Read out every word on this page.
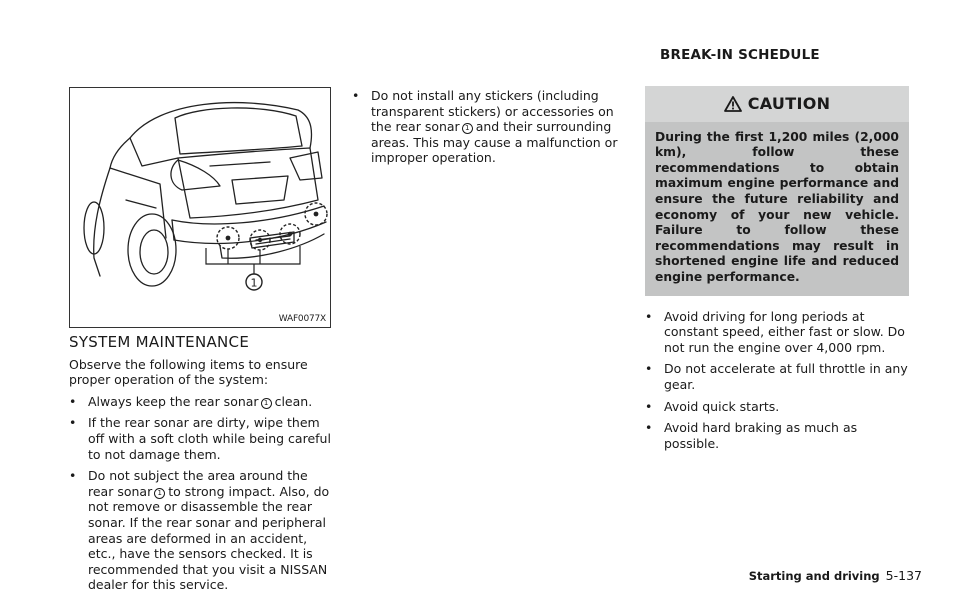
1
WAF0077X
SYSTEM MAINTENANCE

Observe the following items to ensure proper operation of the system:

• Always keep the rear sonar 1 clean.
• If the rear sonar are dirty, wipe them off with a soft cloth while being careful to not damage them.
• Do not subject the area around the rear sonar 1 to strong impact. Also, do not remove or disassemble the rear sonar. If the rear sonar and peripheral areas are deformed in an accident, etc., have the sensors checked. It is recommended that you visit a NISSAN dealer for this service.
• Do not install any stickers (including transparent stickers) or accessories on the rear sonar 1 and their surrounding areas. This may cause a malfunction or improper operation.
BREAK-IN SCHEDULE
CAUTION
During the first 1,200 miles (2,000 km), follow these recommendations to obtain maximum engine performance and ensure the future reliability and economy of your new vehicle. Failure to follow these recommendations may result in shortened engine life and reduced engine performance.
• Avoid driving for long periods at constant speed, either fast or slow. Do not run the engine over 4,000 rpm.
• Do not accelerate at full throttle in any gear.
• Avoid quick starts.
• Avoid hard braking as much as possible.
Starting and driving 5-137
